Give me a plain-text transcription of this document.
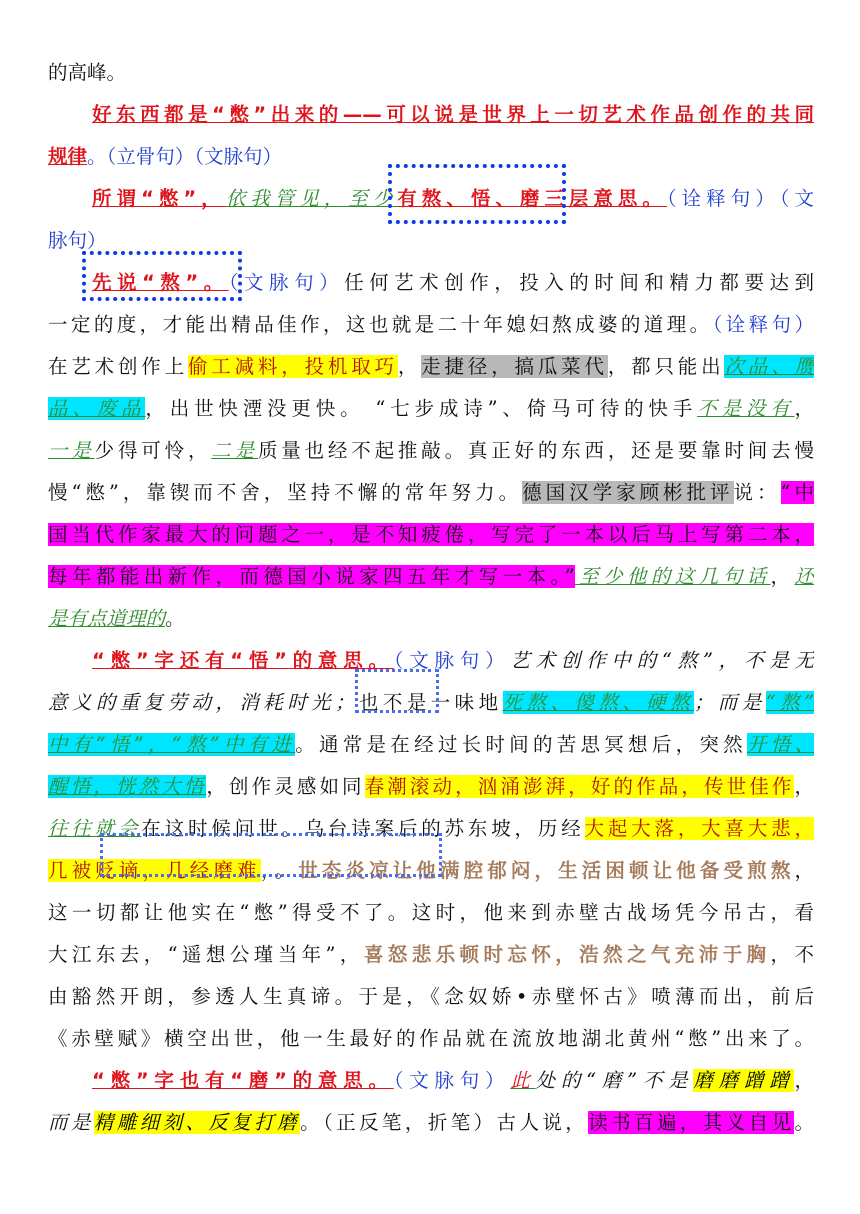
的高峰。
好东西都是“憋”出来的——可以说是世界上一切艺术作品创作的共同
规律。（立骨句）（文脉句）
所谓“憋”，依我管见，至少有熬、悟、磨三层意思。（诠释句）（文
脉句）
先说“熬”。（文脉句）任何艺术创作，投入的时间和精力都要达到
一定的度，才能出精品佳作，这也就是二十年媳妇熬成婆的道理。（诠释句）
在艺术创作上偷工减料，投机取巧，走捷径，搞瓜菜代，都只能出次品、赝
品、废品，出世快湮没更快。 “七步成诗”、倚马可待的快手不是没有，
一是少得可怜，二是质量也经不起推敲。真正好的东西，还是要靠时间去慢
慢“憋”，靠锲而不舍，坚持不懈的常年努力。德国汉学家顾彬批评说：“中
国当代作家最大的问题之一，是不知疲倦，写完了一本以后马上写第二本，
每年都能出新作，而德国小说家四五年才写一本。”至少他的这几句话，还
是有点道理的。
“憋”字还有“悟”的意思。（文脉句）艺术创作中的“熬”，不是无
意义的重复劳动，消耗时光；也不是一味地死熬、傻熬、硬熬；而是“熬”
中有“悟”，“熬”中有进。通常是在经过长时间的苦思冥想后，突然开悟、
醒悟，恍然大悟，创作灵感如同春潮滚动，汹涌澎湃，好的作品，传世佳作，
往往就会在这时候问世。乌台诗案后的苏东坡，历经大起大落，大喜大悲，
几被贬谪，几经磨难，。世态炎凉让他满腔郁闷，生活困顿让他备受煎熬，
这一切都让他实在“憋”得受不了。这时，他来到赤壁古战场凭今吊古，看
大江东去，“遥想公瑾当年”，喜怒悲乐顿时忘怀，浩然之气充沛于胸，不
由豁然开朗，参透人生真谛。于是，《念奴娇•赤壁怀古》喷薄而出，前后
《赤壁赋》横空出世，他一生最好的作品就在流放地湖北黄州“憋”出来了。
“憋”字也有“磨”的意思。（文脉句）此处的“磨”不是磨磨蹭蹭，
而是精雕细刻、反复打磨。（正反笔，折笔）古人说，读书百遍，其义自见。
